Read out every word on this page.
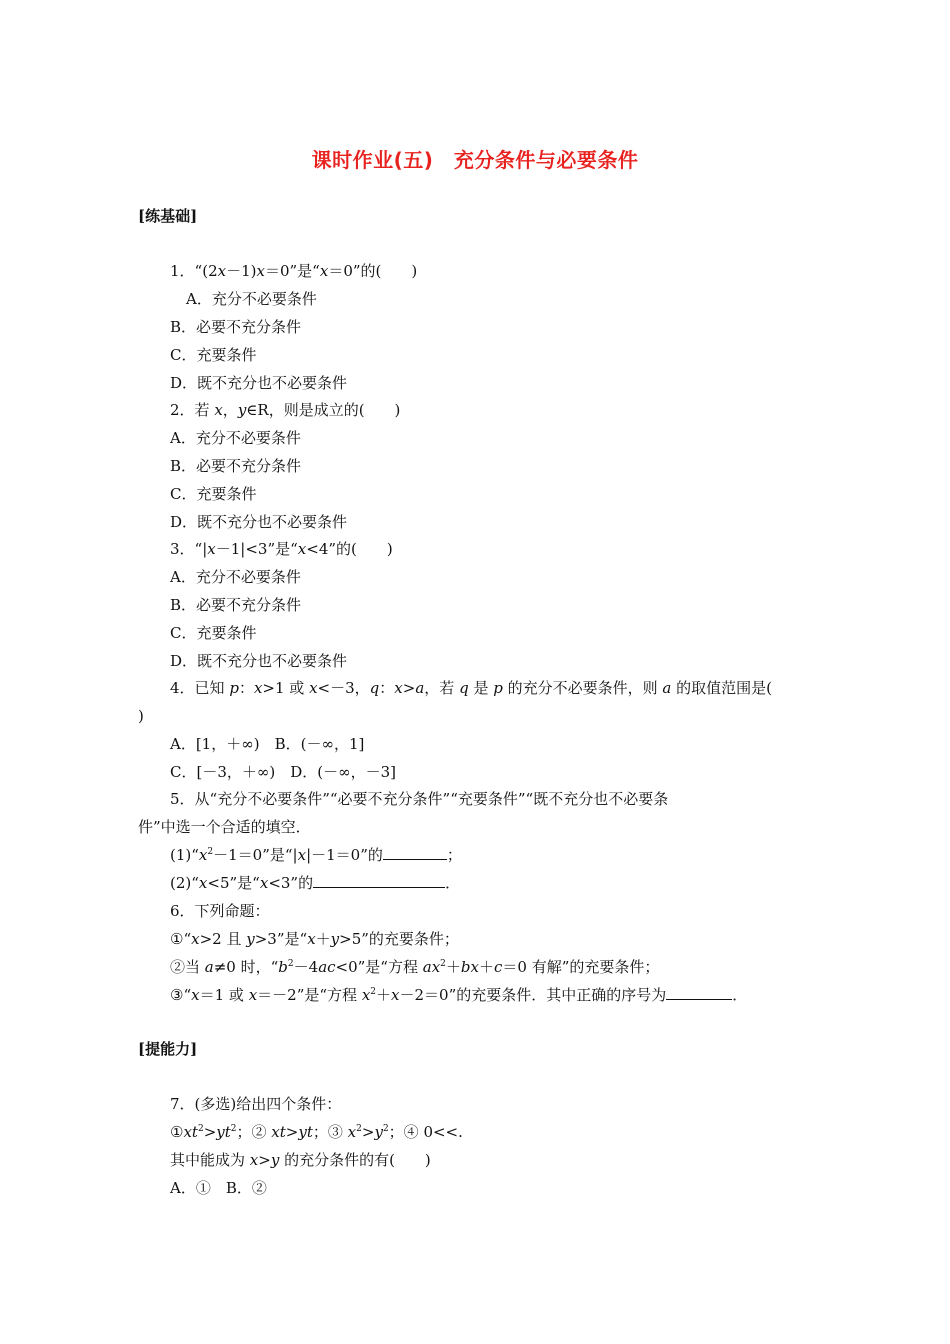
课时作业(五)　充分条件与必要条件
[练基础]
1．“(2x－1)x＝0”是“x＝0”的(　　)
A．充分不必要条件
B．必要不充分条件
C．充要条件
D．既不充分也不必要条件
2．若 x，y∈R，则是成立的(　　)
A．充分不必要条件
B．必要不充分条件
C．充要条件
D．既不充分也不必要条件
3．“|x－1|<3”是“x<4”的(　　)
A．充分不必要条件
B．必要不充分条件
C．充要条件
D．既不充分也不必要条件
4．已知 p：x>1 或 x<－3，q：x>a，若 q 是 p 的充分不必要条件，则 a 的取值范围是(
)
A．[1，＋∞)　B．(－∞，1]
C．[－3，＋∞)　D．(－∞，－3]
5．从“充分不必要条件”“必要不充分条件”“充要条件”“既不充分也不必要条
件”中选一个合适的填空．
$(1)“x^2-1=0$”是“|x|－1＝0”的	；
(2)“x<5”是“x<3”的	．
6．下列命题：
①“x>2 且 y>3”是“x＋y>5”的充要条件；
②当 a≠0 时，“$b^2-4ac<0$”是“方程 $ax^2+bx+c=0$ 有解”的充要条件；
③“x＝1 或 x＝－2”是“方程 $x^2+x-2=0$”的充要条件．其中正确的序号为	．
[提能力]
7．(多选)给出四个条件：
$①xt^2>yt^2$；② xt>yt；③ $x^2>y^2$；④ 0<<.
其中能成为 x>y 的充分条件的有(　　)
A．①　B．②
